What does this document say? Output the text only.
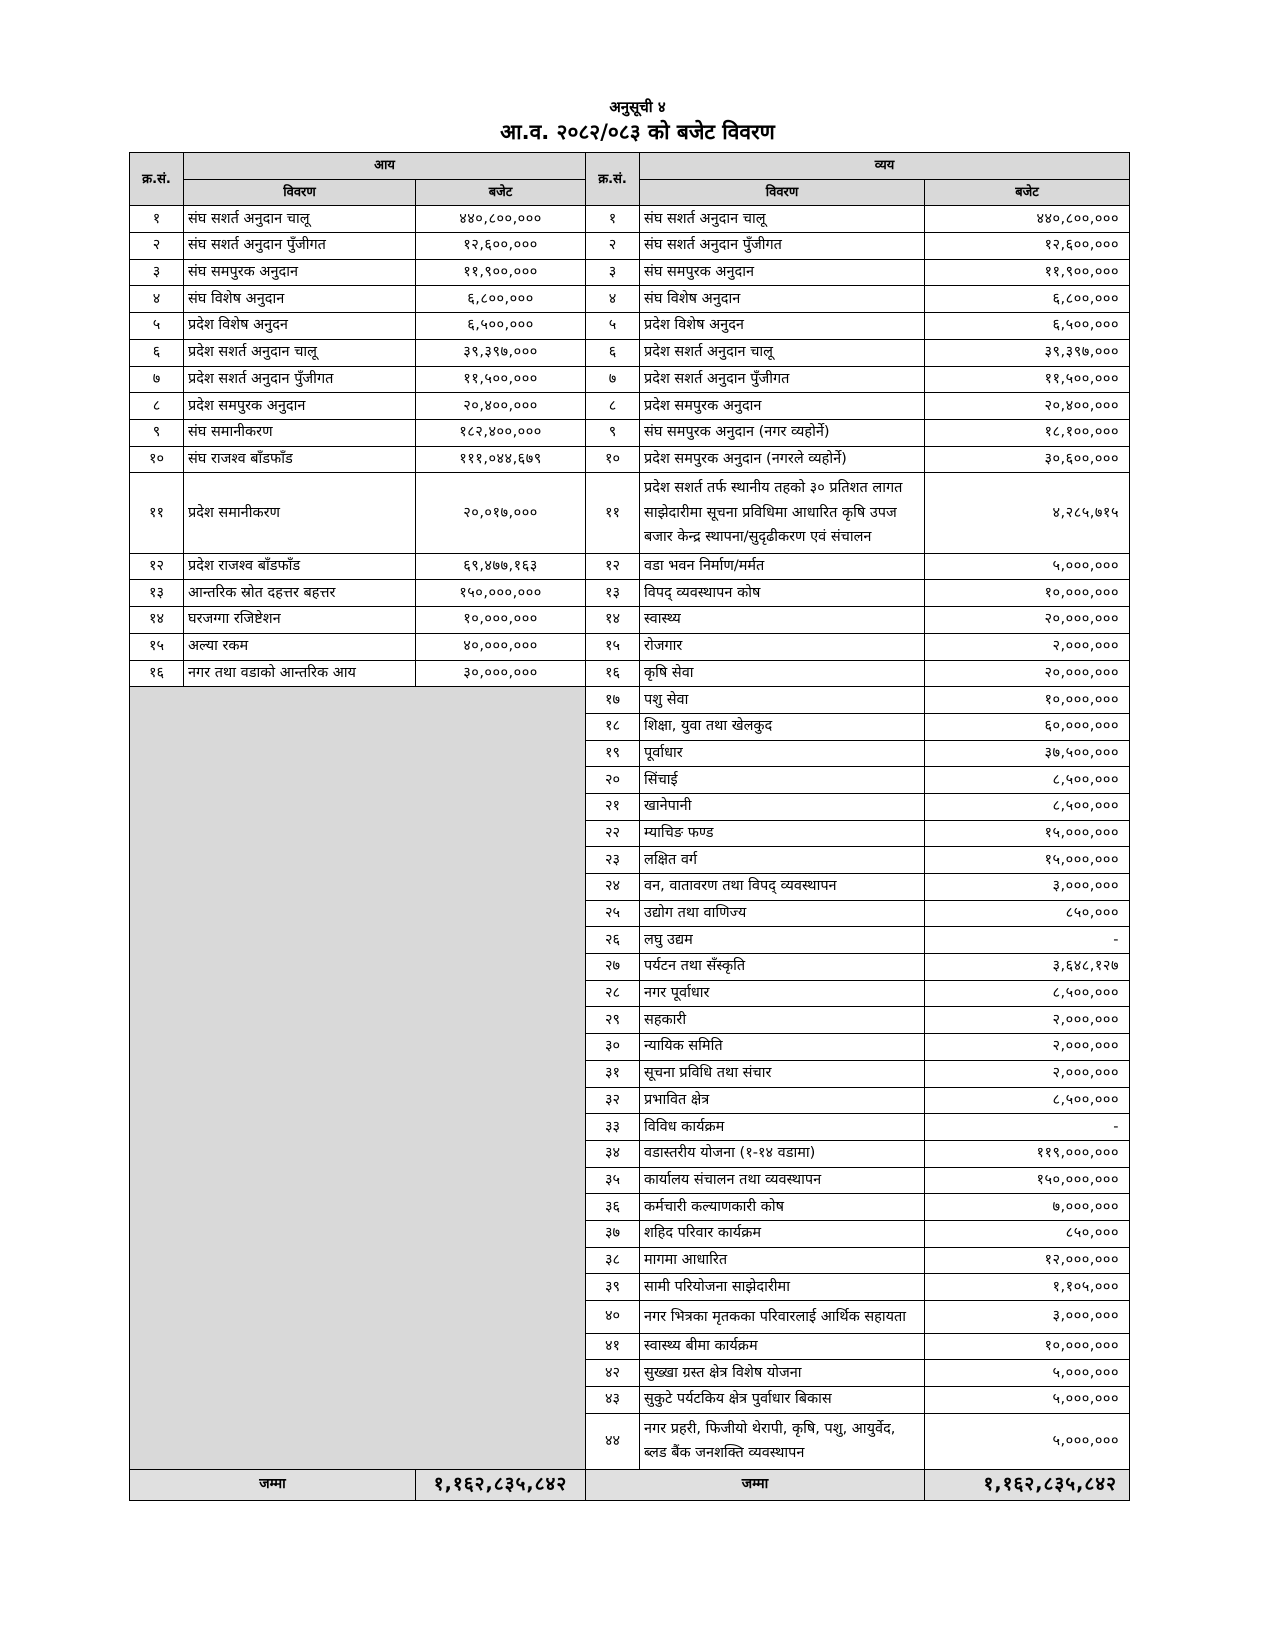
अनुसूची ४
आ.व. २०८२/०८३ को बजेट विवरण
क्र.सं.	आय		क्र.सं.	व्यय	
	विवरण	बजेट		विवरण	बजेट
१	संघ सशर्त अनुदान चालू	४४०,८००,०००	१	संघ सशर्त अनुदान चालू	४४०,८००,०००
२	संघ सशर्त अनुदान पुँजीगत	१२,६००,०००	२	संघ सशर्त अनुदान पुँजीगत	१२,६००,०००
३	संघ समपुरक अनुदान	११,९००,०००	३	संघ समपुरक अनुदान	११,९००,०००
४	संघ विशेष अनुदान	६,८००,०००	४	संघ विशेष अनुदान	६,८००,०००
५	प्रदेश विशेष अनुदन	६,५००,०००	५	प्रदेश विशेष अनुदन	६,५००,०००
६	प्रदेश सशर्त अनुदान चालू	३९,३९७,०००	६	प्रदेश सशर्त अनुदान चालू	३९,३९७,०००
७	प्रदेश सशर्त अनुदान पुँजीगत	११,५००,०००	७	प्रदेश सशर्त अनुदान पुँजीगत	११,५००,०००
८	प्रदेश समपुरक अनुदान	२०,४००,०००	८	प्रदेश समपुरक अनुदान	२०,४००,०००
९	संघ समानीकरण	१८२,४००,०००	९	संघ समपुरक अनुदान (नगर व्यहोर्ने)	१८,१००,०००
१०	संघ राजश्व बाँडफाँड	१११,०४४,६७९	१०	प्रदेश समपुरक अनुदान (नगरले व्यहोर्ने)	३०,६००,०००
११	प्रदेश समानीकरण	२०,०१७,०००	११	प्रदेश सशर्त तर्फ स्थानीय तहको ३० प्रतिशत लागत साझेदारीमा सूचना प्रविधिमा आधारित कृषि उपज बजार केन्द्र स्थापना/सुदृढीकरण एवं संचालन	४,२८५,७१५
१२	प्रदेश राजश्व बाँडफाँड	६९,४७७,१६३	१२	वडा भवन निर्माण/मर्मत	५,०००,०००
१३	आन्तरिक स्रोत दहत्तर बहत्तर	१५०,०००,०००	१३	विपद् व्यवस्थापन कोष	१०,०००,०००
१४	घरजग्गा रजिष्टेशन	१०,०००,०००	१४	स्वास्थ्य	२०,०००,०००
१५	अल्या रकम	४०,०००,०००	१५	रोजगार	२,०००,०००
१६	नगर तथा वडाको आन्तरिक आय	३०,०००,०००	१६	कृषि सेवा	२०,०००,०००
			१७	पशु सेवा	१०,०००,०००
			१८	शिक्षा, युवा तथा खेलकुद	६०,०००,०००
			१९	पूर्वाधार	३७,५००,०००
			२०	सिंचाई	८,५००,०००
			२१	खानेपानी	८,५००,०००
			२२	म्याचिङ फण्ड	१५,०००,०००
			२३	लक्षित वर्ग	१५,०००,०००
			२४	वन, वातावरण तथा विपद् व्यवस्थापन	३,०००,०००
			२५	उद्योग तथा वाणिज्य	८५०,०००
			२६	लघु उद्यम	-
			२७	पर्यटन तथा सँस्कृति	३,६४८,१२७
			२८	नगर पूर्वाधार	८,५००,०००
			२९	सहकारी	२,०००,०००
			३०	न्यायिक समिति	२,०००,०००
			३१	सूचना प्रविधि तथा संचार	२,०००,०००
			३२	प्रभावित क्षेत्र	८,५००,०००
			३३	विविध कार्यक्रम	-
			३४	वडास्तरीय योजना (१-१४ वडामा)	११९,०००,०००
			३५	कार्यालय संचालन तथा व्यवस्थापन	१५०,०००,०००
			३६	कर्मचारी कल्याणकारी कोष	७,०००,०००
			३७	शहिद परिवार कार्यक्रम	८५०,०००
			३८	मागमा आधारित	१२,०००,०००
			३९	सामी परियोजना साझेदारीमा	१,१०५,०००
			४०	नगर भित्रका मृतकका परिवारलाई आर्थिक सहायता	३,०००,०००
			४१	स्वास्थ्य बीमा कार्यक्रम	१०,०००,०००
			४२	सुख्खा ग्रस्त क्षेत्र विशेष योजना	५,०००,०००
			४३	सुकुटे पर्यटकिय क्षेत्र पुर्वाधार बिकास	५,०००,०००
			४४	नगर प्रहरी, फिजीयो थेरापी, कृषि, पशु, आयुर्वेद, ब्लड बैंक जनशक्ति व्यवस्थापन	५,०००,०००
जम्मा		१,१६२,८३५,८४२	जम्मा		१,१६२,८३५,८४२
